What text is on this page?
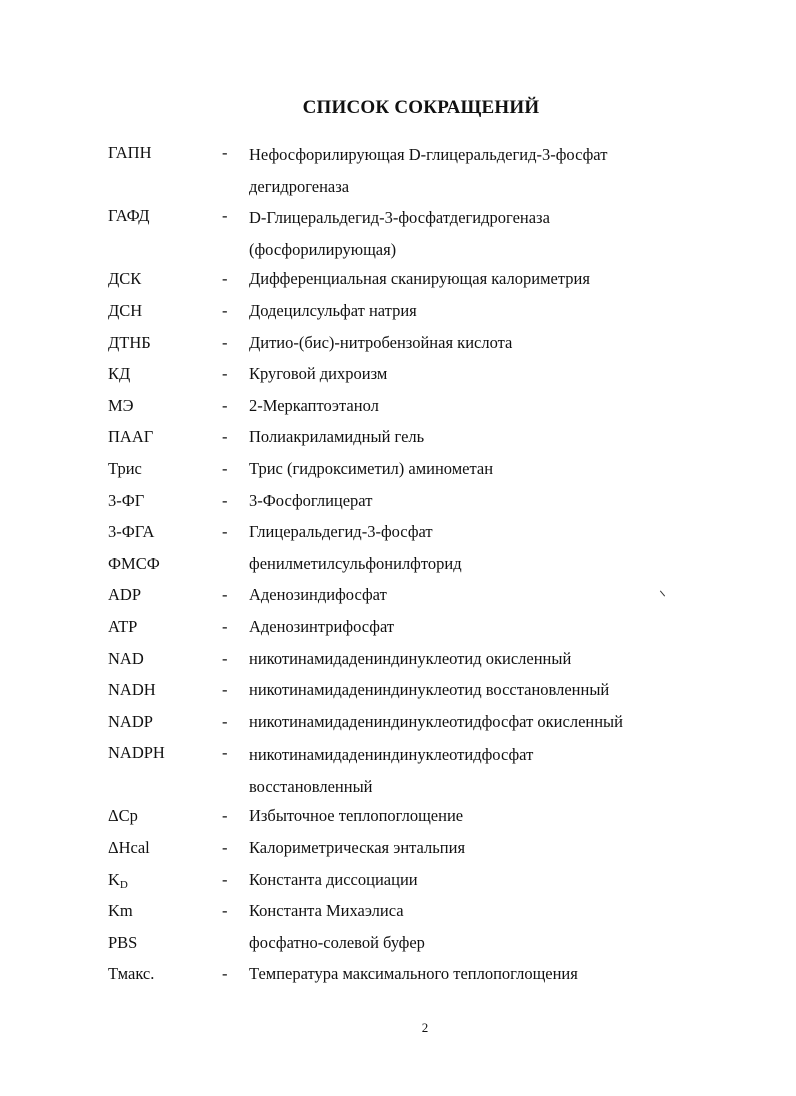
СПИСОК СОКРАЩЕНИЙ
ГАПН	- Нефосфорилирующая D-глицеральдегид-3-фосфат дегидрогеназа
ГАФД	- D-Глицеральдегид-3-фосфатдегидрогеназа (фосфорилирующая)
ДСК	- Дифференциальная сканирующая калориметрия
ДСН	- Додецилсульфат натрия
ДТНБ	- Дитио-(бис)-нитробензойная кислота
КД	- Круговой дихроизм
МЭ	- 2-Меркаптоэтанол
ПААГ	- Полиакриламидный гель
Трис	- Трис (гидроксиметил) аминометан
3-ФГ	- 3-Фосфоглицерат
3-ФГА	- Глицеральдегид-3-фосфат
ФМСФ	фенилметилсульфонилфторид
ADP	- Аденозиндифосфат
ATP	- Аденозинтрифосфат
NAD	- никотинамидадениндинуклеотид окисленный
NADH	- никотинамидадениндинуклеотид восстановленный
NADP	- никотинамидадениндинуклеотидфосфат окисленный
NADPH	- никотинамидадениндинуклеотидфосфат восстановленный
ΔCp	- Избыточное теплопоглощение
ΔHcal	- Калориметрическая энтальпия
KD	- Константа диссоциации
Km	- Константа Михаэлиса
PBS	фосфатно-солевой буфер
Тмакс.	- Температура максимального теплопоглощения
2
